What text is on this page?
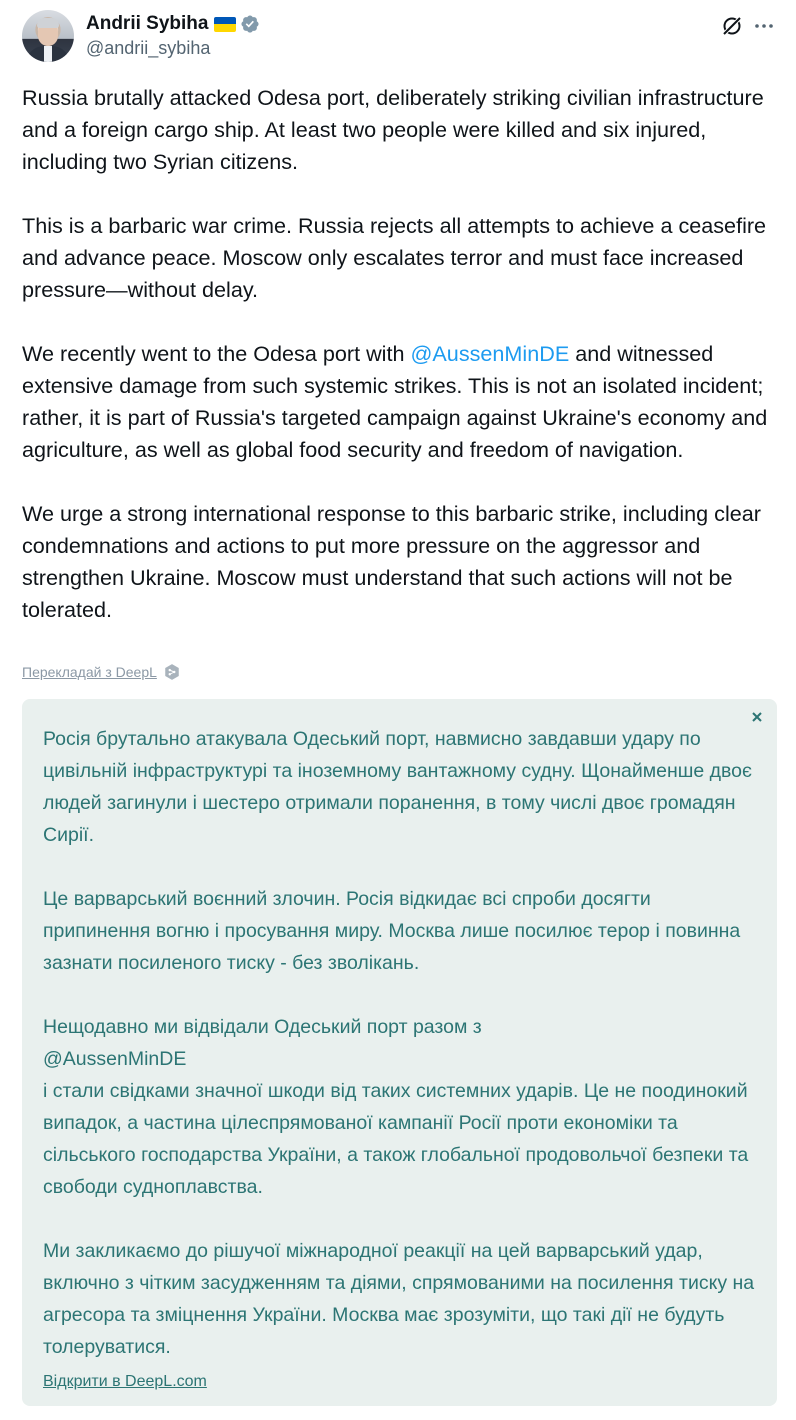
Andrii Sybiha
@andrii_sybiha

Russia brutally attacked Odesa port, deliberately striking civilian infrastructure and a foreign cargo ship. At least two people were killed and six injured, including two Syrian citizens.

This is a barbaric war crime. Russia rejects all attempts to achieve a ceasefire and advance peace. Moscow only escalates terror and must face increased pressure—without delay.

We recently went to the Odesa port with @AussenMinDE and witnessed extensive damage from such systemic strikes. This is not an isolated incident; rather, it is part of Russia's targeted campaign against Ukraine's economy and agriculture, as well as global food security and freedom of navigation.

We urge a strong international response to this barbaric strike, including clear condemnations and actions to put more pressure on the aggressor and strengthen Ukraine. Moscow must understand that such actions will not be tolerated.

Перекладай з DeepL

Росія брутально атакувала Одеський порт, навмисно завдавши удару по цивільній інфраструктурі та іноземному вантажному судну. Щонайменше двоє людей загинули і шестеро отримали поранення, в тому числі двоє громадян Сирії.

Це варварський воєнний злочин. Росія відкидає всі спроби досягти припинення вогню і просування миру. Москва лише посилює терор і повинна зазнати посиленого тиску - без зволікань.

Нещодавно ми відвідали Одеський порт разом з
@AussenMinDE
і стали свідками значної шкоди від таких системних ударів. Це не поодинокий випадок, а частина цілеспрямованої кампанії Росії проти економіки та сільського господарства України, а також глобальної продовольчої безпеки та свободи судноплавства.

Ми закликаємо до рішучої міжнародної реакції на цей варварський удар, включно з чітким засудженням та діями, спрямованими на посилення тиску на агресора та зміцнення України. Москва має зрозуміти, що такі дії не будуть толеруватися.

Відкрити в DeepL.com
